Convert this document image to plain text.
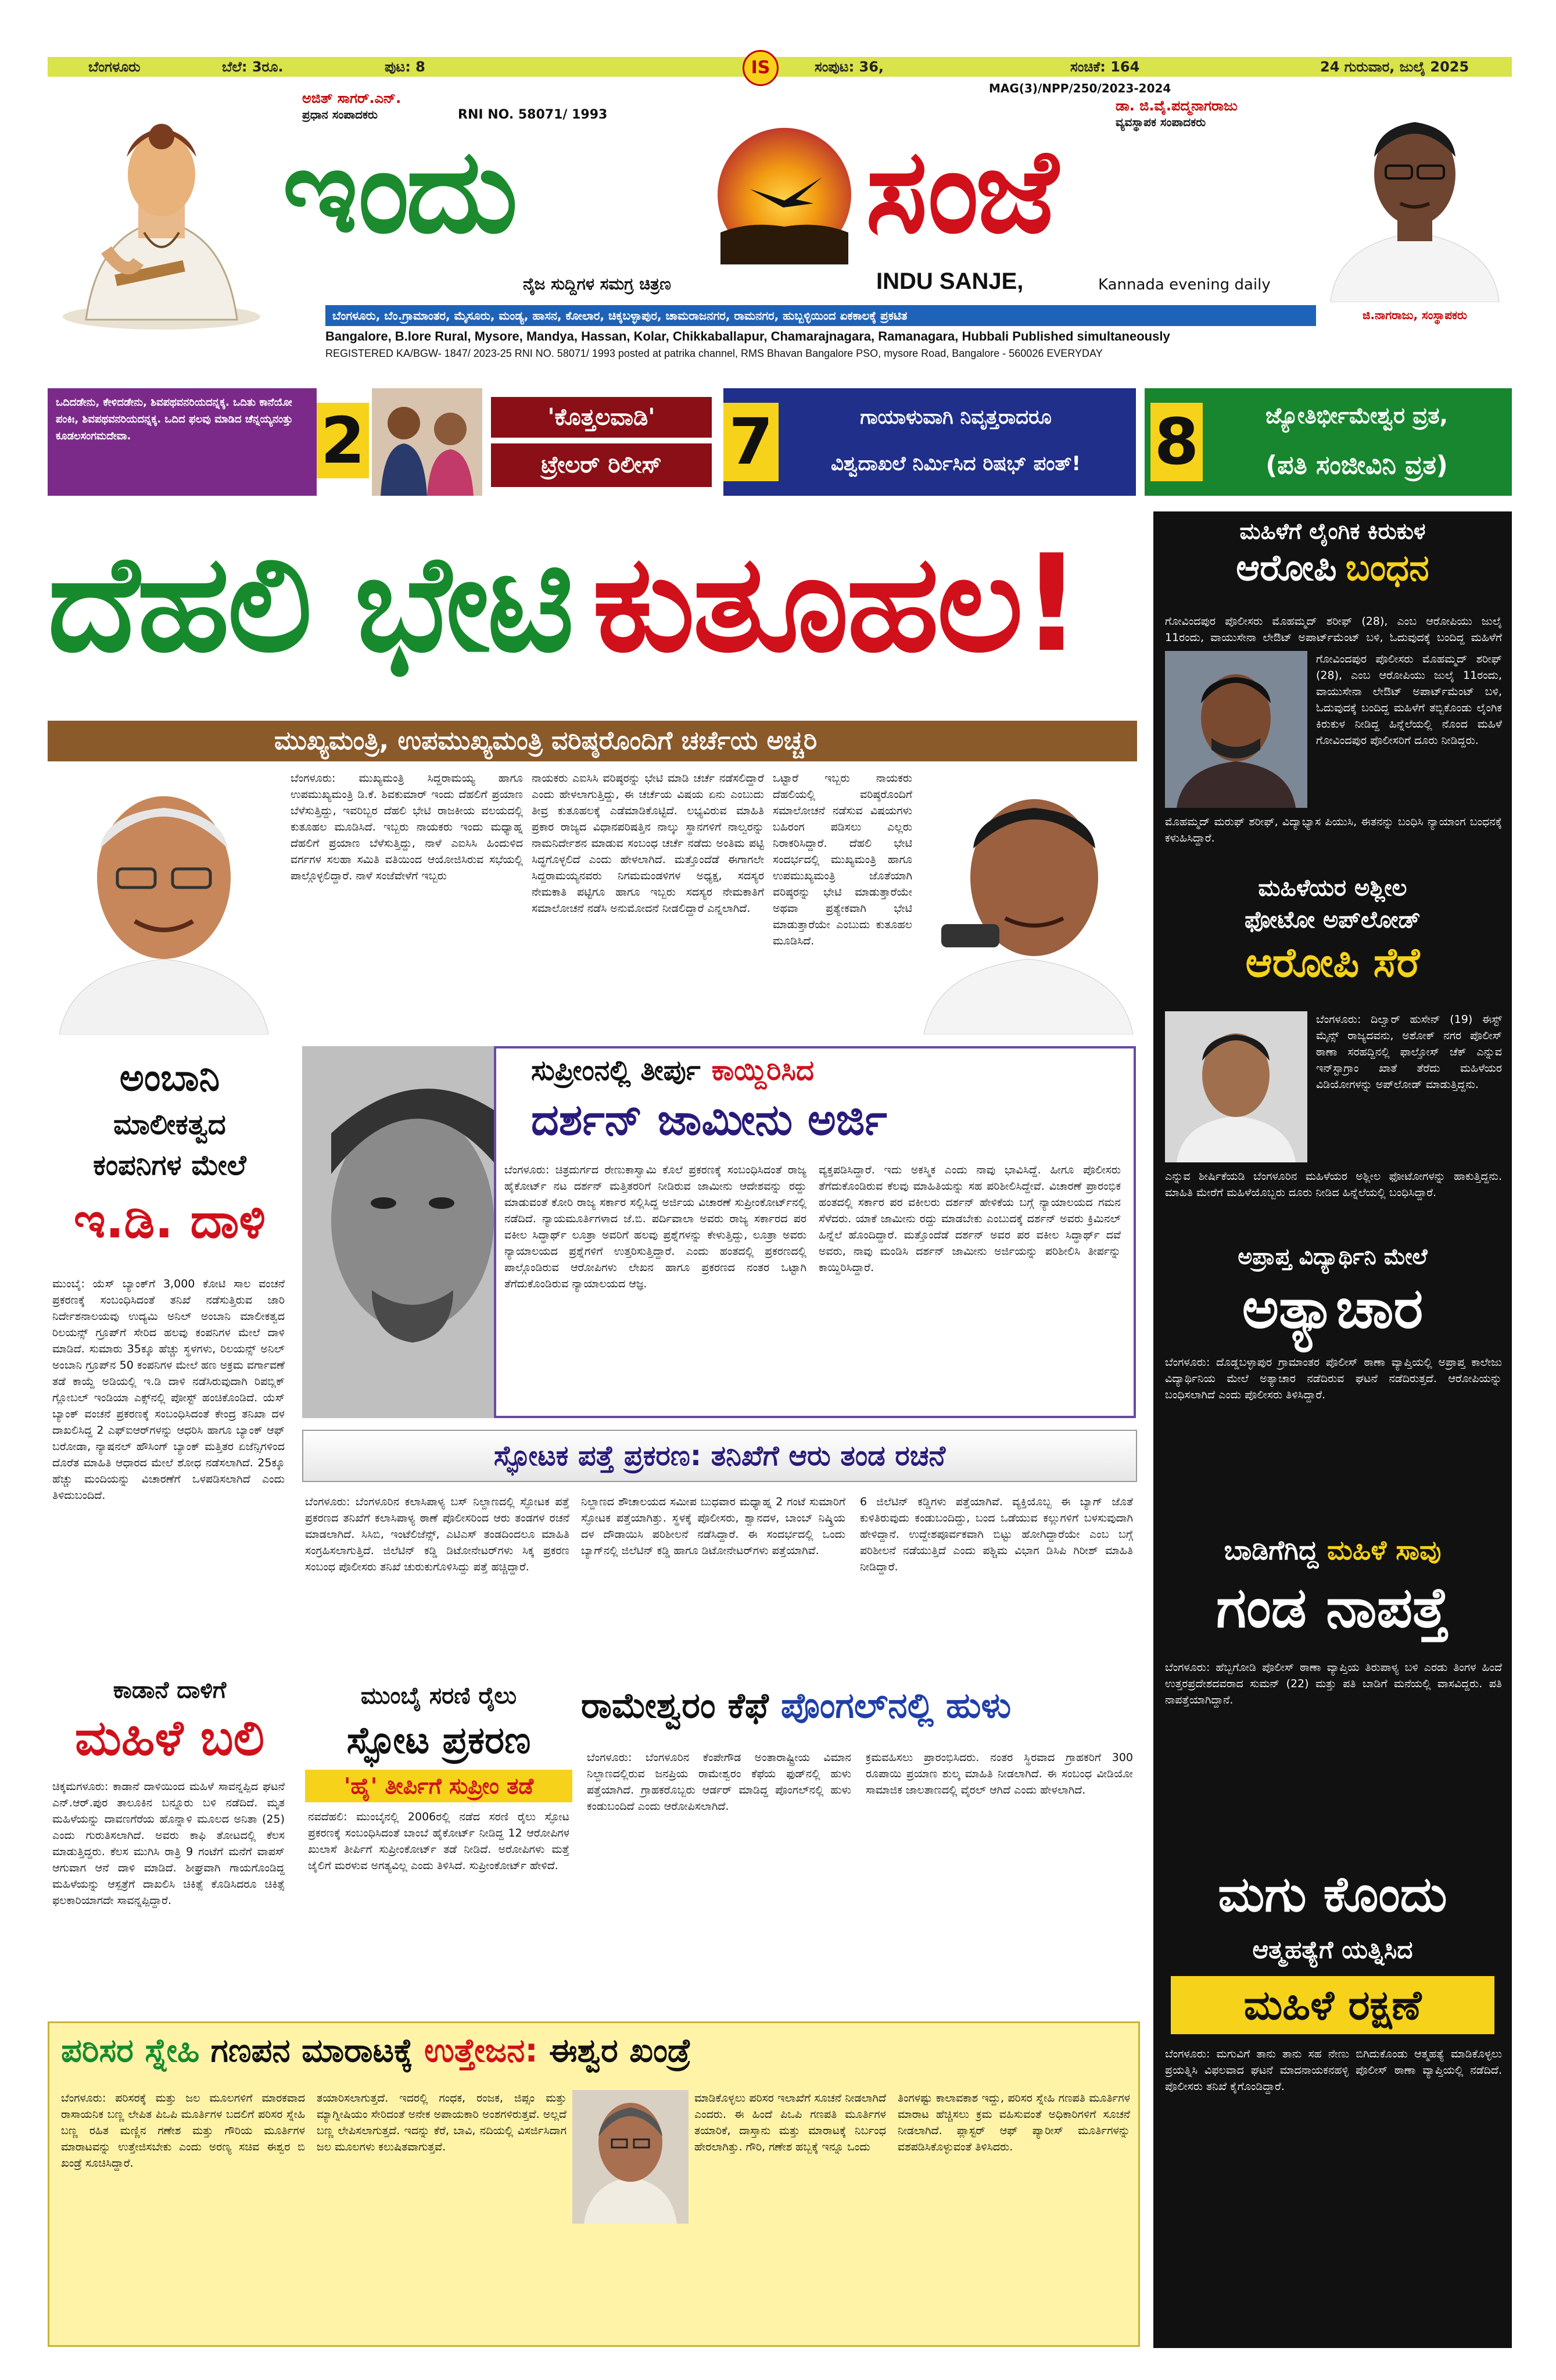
ಬೆಂಗಳೂರು	ಬೆಲೆ: 3ರೂ.	ಪುಟ: 8	ಸಂಪುಟ: 36,	ಸಂಚಿಕೆ: 164	24 ಗುರುವಾರ, ಜುಲೈ 2025
IS
MAG(3)/NPP/250/2023-2024
ಜಿ.ನಾಗರಾಜು, ಸಂಸ್ಥಾಪಕರು
ಅಜಿತ್ ಸಾಗರ್.ಎನ್.
ಪ್ರಧಾನ ಸಂಪಾದಕರು	RNI NO. 58071/ 1993
ಡಾ. ಜಿ.ವೈ.ಪದ್ಮನಾಗರಾಜು
ವ್ಯವಸ್ಥಾಪಕ ಸಂಪಾದಕರು
ಇಂದು	ಸಂಜೆ
ನೈಜ ಸುದ್ದಿಗಳ ಸಮಗ್ರ ಚಿತ್ರಣ	INDU SANJE,	Kannada evening daily
ಬೆಂಗಳೂರು, ಬೆಂ.ಗ್ರಾಮಾಂತರ, ಮೈಸೂರು, ಮಂಡ್ಯ, ಹಾಸನ, ಕೋಲಾರ, ಚಿಕ್ಕಬಳ್ಳಾಪುರ, ಚಾಮರಾಜನಗರ, ರಾಮನಗರ, ಹುಬ್ಬಳ್ಳಿಯಿಂದ ಏಕಕಾಲಕ್ಕೆ ಪ್ರಕಟಿತ
Bangalore, B.lore Rural, Mysore, Mandya, Hassan, Kolar, Chikkaballapur, Chamarajnagara, Ramanagara, Hubbali Published simultaneously
REGISTERED KA/BGW- 1847/ 2023-25 RNI NO. 58071/ 1993 posted at patrika channel, RMS Bhavan Bangalore PSO, mysore Road, Bangalore - 560026 EVERYDAY
ಒದಿದಡೇನು, ಕೇಳಿದಡೇನು, ಶಿವಪಥವನರಿಯದನ್ನಕ್ಕ. ಒದಿತು ಕಾನೆಯೋ ಪಂಕಿಃ, ಶಿವಪಥವನರಿಯದನ್ನಕ್ಕ. ಒದಿದ ಫಲವು ಮಾಡಿದ ಚೆನ್ನಯ್ಯನಂತ್ತು ಕೂಡಲಸಂಗಮದೇವಾ.	2	'ಕೊತ್ತಲವಾಡಿ'
ಟ್ರೇಲರ್ ರಿಲೀಸ್	7	ಗಾಯಾಳುವಾಗಿ ನಿವೃತ್ತರಾದರೂ
ವಿಶ್ವದಾಖಲೆ ನಿರ್ಮಿಸಿದ ರಿಷಭ್ ಪಂತ್!	8	ಜ್ಯೋತಿರ್ಭೀಮೇಶ್ವರ ವ್ರತ,
(ಪತಿ ಸಂಜೀವಿನಿ ವ್ರತ)
ದೆಹಲಿ ಭೇಟಿ ಕುತೂಹಲ!
ಮುಖ್ಯಮಂತ್ರಿ, ಉಪಮುಖ್ಯಮಂತ್ರಿ ವರಿಷ್ಠರೊಂದಿಗೆ ಚರ್ಚೆಯ ಅಚ್ಚರಿ

ಬೆಂಗಳೂರು: ಮುಖ್ಯಮಂತ್ರಿ ಸಿದ್ದರಾಮಯ್ಯ ಹಾಗೂ ಉಪಮುಖ್ಯಮಂತ್ರಿ ಡಿ.ಕೆ. ಶಿವಕುಮಾರ್ ಇಂದು ದೆಹಲಿಗೆ ಪ್ರಯಾಣ ಬೆಳೆಸುತ್ತಿದ್ದು, ಇವರಿಬ್ಬರ ದೆಹಲಿ ಭೇಟಿ ರಾಜಕೀಯ ವಲಯದಲ್ಲಿ ಕುತೂಹಲ ಮೂಡಿಸಿದೆ. ಇಬ್ಬರು ನಾಯಕರು ಇಂದು ಮಧ್ಯಾಹ್ನ ದೆಹಲಿಗೆ ಪ್ರಯಾಣ ಬೆಳೆಸುತ್ತಿದ್ದು, ನಾಳೆ ಎಐಸಿಸಿ ಹಿಂದುಳಿದ ವರ್ಗಗಳ ಸಲಹಾ ಸಮಿತಿ ವತಿಯಿಂದ ಆಯೋಜಿಸಿರುವ ಸಭೆಯಲ್ಲಿ ಪಾಲ್ಗೊಳ್ಳಲಿದ್ದಾರೆ. ನಾಳೆ ಸಂಜೆವೇಳೆಗೆ ಇಬ್ಬರು

ನಾಯಕರು ಎಐಸಿಸಿ ವರಿಷ್ಠರನ್ನು ಭೇಟಿ ಮಾಡಿ ಚರ್ಚೆ ನಡೆಸಲಿದ್ದಾರೆ ಎಂದು ಹೇಳಲಾಗುತ್ತಿದ್ದು, ಈ ಚರ್ಚೆಯ ವಿಷಯ ಏನು ಎಂಬುದು ತೀವ್ರ ಕುತೂಹಲಕ್ಕೆ ಎಡೆಮಾಡಿಕೊಟ್ಟಿದೆ. ಲಭ್ಯವಿರುವ ಮಾಹಿತಿ ಪ್ರಕಾರ ರಾಜ್ಯದ ವಿಧಾನಪರಿಷತ್ತಿನ ನಾಲ್ಕು ಸ್ಥಾನಗಳಿಗೆ ನಾಲ್ವರನ್ನು ನಾಮನಿರ್ದೇಶನ ಮಾಡುವ ಸಂಬಂಧ ಚರ್ಚೆ ನಡೆದು ಅಂತಿಮ ಪಟ್ಟಿ ಸಿದ್ಧಗೊಳ್ಳಲಿದೆ ಎಂದು ಹೇಳಲಾಗಿದೆ. ಮತ್ತೊಂದೆಡೆ ಈಗಾಗಲೇ ಸಿದ್ದರಾಮಯ್ಯನವರು ನಿಗಮಮಂಡಳಿಗಳ ಅಧ್ಯಕ್ಷ, ಸದಸ್ಯರ ನೇಮಕಾತಿ ಪಟ್ಟಿಗೂ ಹಾಗೂ ಇಬ್ಬರು ಸದಸ್ಯರ ನೇಮಕಾತಿಗೆ ಸಮಾಲೋಚನೆ ನಡೆಸಿ ಅನುಮೋದನೆ ನೀಡಲಿದ್ದಾರೆ ಎನ್ನಲಾಗಿದೆ.

ಒಟ್ಟಾರೆ ಇಬ್ಬರು ನಾಯಕರು ದೆಹಲಿಯಲ್ಲಿ ವರಿಷ್ಠರೊಂದಿಗೆ ಸಮಾಲೋಚನೆ ನಡೆಸುವ ವಿಷಯಗಳು ಬಹಿರಂಗ ಪಡಿಸಲು ಎಲ್ಲರು ನಿರಾಕರಿಸಿದ್ದಾರೆ. ದೆಹಲಿ ಭೇಟಿ ಸಂದರ್ಭದಲ್ಲಿ ಮುಖ್ಯಮಂತ್ರಿ ಹಾಗೂ ಉಪಮುಖ್ಯಮಂತ್ರಿ ಜೊತೆಯಾಗಿ ವರಿಷ್ಠರನ್ನು ಭೇಟಿ ಮಾಡುತ್ತಾರೆಯೇ ಅಥವಾ ಪ್ರತ್ಯೇಕವಾಗಿ ಭೇಟಿ ಮಾಡುತ್ತಾರೆಯೇ ಎಂಬುದು ಕುತೂಹಲ ಮೂಡಿಸಿದೆ.

ಅಂಬಾನಿ
ಮಾಲೀಕತ್ವದ
ಕಂಪನಿಗಳ ಮೇಲೆ
ಇ.ಡಿ. ದಾಳಿ

ಮುಂಬೈ: ಯೆಸ್ ಬ್ಯಾಂಕ್‌ಗೆ 3,000 ಕೋಟಿ ಸಾಲ ವಂಚನೆ ಪ್ರಕರಣಕ್ಕೆ ಸಂಬಂಧಿಸಿದಂತೆ ತನಿಖೆ ನಡೆಸುತ್ತಿರುವ ಜಾರಿ ನಿರ್ದೇಶನಾಲಯವು ಉದ್ಯಮಿ ಅನಿಲ್ ಅಂಬಾನಿ ಮಾಲೀಕತ್ವದ ರಿಲಯನ್ಸ್ ಗ್ರೂಪ್‌ಗೆ ಸೇರಿದ ಹಲವು ಕಂಪನಿಗಳ ಮೇಲೆ ದಾಳಿ ಮಾಡಿದೆ. ಸುಮಾರು 35ಕ್ಕೂ ಹೆಚ್ಚು ಸ್ಥಳಗಳು, ರಿಲಯನ್ಸ್ ಅನಿಲ್ ಅಂಬಾನಿ ಗ್ರೂಪ್‌ನ 50 ಕಂಪನಿಗಳ ಮೇಲೆ ಹಣ ಅಕ್ರಮ ವರ್ಗಾವಣೆ ತಡೆ ಕಾಯ್ದೆ ಅಡಿಯಲ್ಲಿ ಇ.ಡಿ ದಾಳಿ ನಡೆಸಿರುವುದಾಗಿ ರಿಪಬ್ಲಿಕ್ ಗ್ಲೋಬಲ್ ಇಂಡಿಯಾ ಎಕ್ಸ್‌ನಲ್ಲಿ ಪೋಸ್ಟ್ ಹಂಚಿಕೊಂಡಿದೆ. ಯೆಸ್ ಬ್ಯಾಂಕ್ ವಂಚನೆ ಪ್ರಕರಣಕ್ಕೆ ಸಂಬಂಧಿಸಿದಂತೆ ಕೇಂದ್ರ ತನಿಖಾ ದಳ ದಾಖಲಿಸಿದ್ದ 2 ಎಫ್‌ಐಆರ್‌ಗಳನ್ನು ಆಧರಿಸಿ ಹಾಗೂ ಬ್ಯಾಂಕ್ ಆಫ್ ಬರೋಡಾ, ನ್ಯಾಷನಲ್ ಹೌಸಿಂಗ್ ಬ್ಯಾಂಕ್ ಮತ್ತಿತರ ಏಜೆನ್ಸಿಗಳಿಂದ ದೊರೆತ ಮಾಹಿತಿ ಆಧಾರದ ಮೇಲೆ ಶೋಧ ನಡೆಸಲಾಗಿದೆ. 25ಕ್ಕೂ ಹೆಚ್ಚು ಮಂದಿಯನ್ನು ವಿಚಾರಣೆಗೆ ಒಳಪಡಿಸಲಾಗಿದೆ ಎಂದು ತಿಳಿದುಬಂದಿದೆ.

ಸುಪ್ರೀಂನಲ್ಲಿ ತೀರ್ಪು ಕಾಯ್ದಿರಿಸಿದ
ದರ್ಶನ್ ಜಾಮೀನು ಅರ್ಜಿ

ಬೆಂಗಳೂರು: ಚಿತ್ರದುರ್ಗದ ರೇಣುಕಾಸ್ವಾಮಿ ಕೊಲೆ ಪ್ರಕರಣಕ್ಕೆ ಸಂಬಂಧಿಸಿದಂತೆ ರಾಜ್ಯ ಹೈಕೋರ್ಟ್ ನಟ ದರ್ಶನ್ ಮತ್ತಿತರರಿಗೆ ನೀಡಿರುವ ಜಾಮೀನು ಆದೇಶವನ್ನು ರದ್ದು ಮಾಡುವಂತೆ ಕೋರಿ ರಾಜ್ಯ ಸರ್ಕಾರ ಸಲ್ಲಿಸಿದ್ದ ಅರ್ಜಿಯ ವಿಚಾರಣೆ ಸುಪ್ರೀಂಕೋರ್ಟ್‌ನಲ್ಲಿ ನಡೆದಿದೆ. ನ್ಯಾಯಮೂರ್ತಿಗಳಾದ ಜೆ.ಬಿ. ಪರ್ದಿವಾಲಾ ಅವರು ರಾಜ್ಯ ಸರ್ಕಾರದ ಪರ ವಕೀಲ ಸಿದ್ಧಾರ್ಥ್ ಲೂತ್ರಾ ಅವರಿಗೆ ಹಲವು ಪ್ರಶ್ನೆಗಳನ್ನು ಕೇಳುತ್ತಿದ್ದು, ಲೂತ್ರಾ ಅವರು ನ್ಯಾಯಾಲಯದ ಪ್ರಶ್ನೆಗಳಿಗೆ ಉತ್ತರಿಸುತ್ತಿದ್ದಾರೆ. ಎಂದು ಹಂತದಲ್ಲಿ ಪ್ರಕರಣದಲ್ಲಿ ಪಾಲ್ಗೊಂಡಿರುವ ಆರೋಪಿಗಳು ಲೇಖನ ಹಾಗೂ ಪ್ರಕರಣದ ನಂತರ ಒಟ್ಟಾಗಿ ತೆಗೆದುಕೊಂಡಿರುವ ನ್ಯಾಯಾಲಯದ ಆಜ್ಞ.

ವ್ಯಕ್ತಪಡಿಸಿದ್ದಾರೆ. ಇದು ಅಕಸ್ಮಿಕ ಎಂದು ನಾವು ಭಾವಿಸಿದ್ದೆ. ಹೀಗೂ ಪೊಲೀಸರು ತೆಗೆದುಕೊಂಡಿರುವ ಕೆಲವು ಮಾಹಿತಿಯನ್ನು ಸಹ ಪರಿಶೀಲಿಸಿದ್ದೇವೆ. ವಿಚಾರಣೆ ಪ್ರಾರಂಭಿಕ ಹಂತದಲ್ಲಿ ಸರ್ಕಾರ ಪರ ವಕೀಲರು ದರ್ಶನ್ ಹೇಳಿಕೆಯ ಬಗ್ಗೆ ನ್ಯಾಯಾಲಯದ ಗಮನ ಸೆಳೆದರು. ಯಾಕೆ ಜಾಮೀನು ರದ್ದು ಮಾಡಬೇಕು ಎಂಬುದಕ್ಕೆ ದರ್ಶನ್ ಅವರು ಕ್ರಿಮಿನಲ್ ಹಿನ್ನೆಲೆ ಹೊಂದಿದ್ದಾರೆ. ಮತ್ತೊಂದೆಡೆ ದರ್ಶನ್ ಅವರ ಪರ ವಕೀಲ ಸಿದ್ಧಾರ್ಥ್ ದವೆ ಅವರು, ನಾವು ಮಂಡಿಸಿ ದರ್ಶನ್ ಜಾಮೀನು ಅರ್ಜಿಯನ್ನು ಪರಿಶೀಲಿಸಿ ತೀರ್ಪನ್ನು ಕಾಯ್ದಿರಿಸಿದ್ದಾರೆ.

ಸ್ಫೋಟಕ ಪತ್ತೆ ಪ್ರಕರಣ: ತನಿಖೆಗೆ ಆರು ತಂಡ ರಚನೆ

ಬೆಂಗಳೂರು: ಬೆಂಗಳೂರಿನ ಕಲಾಸಿಪಾಳ್ಯ ಬಸ್ ನಿಲ್ದಾಣದಲ್ಲಿ ಸ್ಫೋಟಕ ಪತ್ತೆ ಪ್ರಕರಣದ ತನಿಖೆಗೆ ಕಲಾಸಿಪಾಳ್ಯ ಠಾಣೆ ಪೊಲೀಸರಿಂದ ಆರು ತಂಡಗಳ ರಚನೆ ಮಾಡಲಾಗಿದೆ. ಸಿಸಿಬಿ, ಇಂಟೆಲಿಜೆನ್ಸ್, ಎಟಿಎಸ್ ತಂಡದಿಂದಲೂ ಮಾಹಿತಿ ಸಂಗ್ರಹಿಸಲಾಗುತ್ತಿದೆ. ಜಿಲೆಟಿನ್ ಕಡ್ಡಿ ಡಿಟೋನೇಟರ್‌ಗಳು ಸಿಕ್ಕ ಪ್ರಕರಣ ಸಂಬಂಧ ಪೊಲೀಸರು ತನಿಖೆ ಚುರುಕುಗೊಳಿಸಿದ್ದು ಪತ್ತೆ ಹಚ್ಚಿದ್ದಾರೆ.

ನಿಲ್ದಾಣದ ಶೌಚಾಲಯದ ಸಮೀಪ ಬುಧವಾರ ಮಧ್ಯಾಹ್ನ 2 ಗಂಟೆ ಸುಮಾರಿಗೆ ಸ್ಫೋಟಕ ಪತ್ತೆಯಾಗಿತ್ತು. ಸ್ಥಳಕ್ಕೆ ಪೊಲೀಸರು, ಶ್ವಾನದಳ, ಬಾಂಬ್ ನಿಷ್ಕ್ರಿಯ ದಳ ದೌಡಾಯಿಸಿ ಪರಿಶೀಲನೆ ನಡೆಸಿದ್ದಾರೆ. ಈ ಸಂದರ್ಭದಲ್ಲಿ ಒಂದು ಬ್ಯಾಗ್‌ನಲ್ಲಿ ಜಿಲೆಟಿನ್ ಕಡ್ಡಿ ಹಾಗೂ ಡಿಟೋನೇಟರ್‌ಗಳು ಪತ್ತೆಯಾಗಿವೆ.

6 ಜಿಲೆಟಿನ್ ಕಡ್ಡಿಗಳು ಪತ್ತೆಯಾಗಿವೆ. ವ್ಯಕ್ತಿಯೊಬ್ಬ ಈ ಬ್ಯಾಗ್ ಜೊತೆ ಕುಳಿತಿರುವುದು ಕಂಡುಬಂದಿದ್ದು, ಬಂದ ಒಡೆಯುವ ಕಲ್ಲುಗಳಿಗೆ ಬಳಸುವುದಾಗಿ ಹೇಳಿದ್ದಾನೆ. ಉದ್ದೇಶಪೂರ್ವಕವಾಗಿ ಬಿಟ್ಟು ಹೋಗಿದ್ದಾರೆಯೇ ಎಂಬ ಬಗ್ಗೆ ಪರಿಶೀಲನೆ ನಡೆಯುತ್ತಿದೆ ಎಂದು ಪಶ್ಚಿಮ ವಿಭಾಗ ಡಿಸಿಪಿ ಗಿರೀಶ್ ಮಾಹಿತಿ ನೀಡಿದ್ದಾರೆ.

ಕಾಡಾನೆ ದಾಳಿಗೆ
ಮಹಿಳೆ ಬಲಿ

ಚಿಕ್ಕಮಗಳೂರು: ಕಾಡಾನೆ ದಾಳಿಯಿಂದ ಮಹಿಳೆ ಸಾವನ್ನಪ್ಪಿದ ಘಟನೆ ಎನ್.ಆರ್.ಪುರ ತಾಲೂಕಿನ ಬನ್ನೂರು ಬಳಿ ನಡೆದಿದೆ. ಮೃತ ಮಹಿಳೆಯನ್ನು ದಾವಣಗೆರೆಯ ಹೊನ್ನಾಳಿ ಮೂಲದ ಅನಿತಾ (25) ಎಂದು ಗುರುತಿಸಲಾಗಿದೆ. ಅವರು ಕಾಫಿ ತೋಟದಲ್ಲಿ ಕೆಲಸ ಮಾಡುತ್ತಿದ್ದರು. ಕೆಲಸ ಮುಗಿಸಿ ರಾತ್ರಿ 9 ಗಂಟೆಗೆ ಮನೆಗೆ ವಾಪಸ್ ಆಗುವಾಗ ಆನೆ ದಾಳಿ ಮಾಡಿದೆ. ಶೀಘ್ರವಾಗಿ ಗಾಯಗೊಂಡಿದ್ದ ಮಹಿಳೆಯನ್ನು ಆಸ್ಪತ್ರೆಗೆ ದಾಖಲಿಸಿ ಚಿಕಿತ್ಸೆ ಕೊಡಿಸಿದರೂ ಚಿಕಿತ್ಸೆ ಫಲಕಾರಿಯಾಗದೇ ಸಾವನ್ನಪ್ಪಿದ್ದಾರೆ.

ಮುಂಬೈ ಸರಣಿ ರೈಲು
ಸ್ಫೋಟ ಪ್ರಕರಣ
'ಹೈ' ತೀರ್ಪಿಗೆ ಸುಪ್ರೀಂ ತಡೆ

ನವದೆಹಲಿ: ಮುಂಬೈನಲ್ಲಿ 2006ರಲ್ಲಿ ನಡೆದ ಸರಣಿ ರೈಲು ಸ್ಫೋಟ ಪ್ರಕರಣಕ್ಕೆ ಸಂಬಂಧಿಸಿದಂತೆ ಬಾಂಬೆ ಹೈಕೋರ್ಟ್ ನೀಡಿದ್ದ 12 ಆರೋಪಿಗಳ ಖುಲಾಸೆ ತೀರ್ಪಿಗೆ ಸುಪ್ರೀಂಕೋರ್ಟ್ ತಡೆ ನೀಡಿದೆ. ಅರೋಪಿಗಳು ಮತ್ತೆ ಜೈಲಿಗೆ ಮರಳುವ ಅಗತ್ಯವಿಲ್ಲ ಎಂದು ತಿಳಿಸಿದೆ. ಸುಪ್ರೀಂಕೋರ್ಟ್ ಹೇಳಿದೆ.

ರಾಮೇಶ್ವರಂ ಕೆಫೆ ಪೊಂಗಲ್‌ನಲ್ಲಿ ಹುಳು

ಬೆಂಗಳೂರು: ಬೆಂಗಳೂರಿನ ಕೆಂಪೇಗೌಡ ಅಂತಾರಾಷ್ಟ್ರೀಯ ವಿಮಾನ ನಿಲ್ದಾಣದಲ್ಲಿರುವ ಜನಪ್ರಿಯ ರಾಮೇಶ್ವರಂ ಕೆಫೆಯ ಫುಡ್‌ನಲ್ಲಿ ಹುಳು ಪತ್ತೆಯಾಗಿದೆ. ಗ್ರಾಹಕರೊಬ್ಬರು ಆರ್ಡರ್ ಮಾಡಿದ್ದ ಪೊಂಗಲ್‌ನಲ್ಲಿ ಹುಳು ಕಂಡುಬಂದಿದೆ ಎಂದು ಆರೋಪಿಸಲಾಗಿದೆ.

ಕ್ರಮವಹಿಸಲು ಪ್ರಾರಂಭಿಸಿದರು. ನಂತರ ಸ್ಥಿರವಾದ ಗ್ರಾಹಕರಿಗೆ 300 ರೂಪಾಯಿ ಪ್ರಯಾಣ ಶುಲ್ಕ ಮಾಹಿತಿ ನೀಡಲಾಗಿದೆ. ಈ ಸಂಬಂಧ ವೀಡಿಯೋ ಸಾಮಾಜಿಕ ಜಾಲತಾಣದಲ್ಲಿ ವೈರಲ್ ಆಗಿದೆ ಎಂದು ಹೇಳಲಾಗಿದೆ.

ಪರಿಸರ ಸ್ನೇಹಿ ಗಣಪನ ಮಾರಾಟಕ್ಕೆ ಉತ್ತೇಜನ: ಈಶ್ವರ ಖಂಡ್ರೆ

ಬೆಂಗಳೂರು: ಪರಿಸರಕ್ಕೆ ಮತ್ತು ಜಲ ಮೂಲಗಳಿಗೆ ಮಾರಕವಾದ ರಾಸಾಯನಿಕ ಬಣ್ಣ ಲೇಪಿತ ಪಿಒಪಿ ಮೂರ್ತಿಗಳ ಬದಲಿಗೆ ಪರಿಸರ ಸ್ನೇಹಿ ಬಣ್ಣ ರಹಿತ ಮಣ್ಣಿನ ಗಣೇಶ ಮತ್ತು ಗೌರಿಯ ಮೂರ್ತಿಗಳ ಮಾರಾಟವನ್ನು ಉತ್ತೇಜಿಸಬೇಕು ಎಂದು ಅರಣ್ಯ ಸಚಿವ ಈಶ್ವರ ಬಿ ಖಂಡ್ರೆ ಸೂಚಿಸಿದ್ದಾರೆ.

ತಯಾರಿಸಲಾಗುತ್ತದೆ. ಇದರಲ್ಲಿ ಗಂಧಕ, ರಂಜಕ, ಜಿಪ್ಸಂ ಮತ್ತು ಮ್ಯಾಗ್ನೀಷಿಯಂ ಸೇರಿದಂತೆ ಅನೇಕ ಅಪಾಯಕಾರಿ ಅಂಶಗಳಿರುತ್ತವೆ. ಅಲ್ಲದೆ ಬಣ್ಣ ಲೇಪಿಸಲಾಗುತ್ತದೆ. ಇದನ್ನು ಕೆರೆ, ಬಾವಿ, ನದಿಯಲ್ಲಿ ವಿಸರ್ಜಿಸಿದಾಗ ಜಲ ಮೂಲಗಳು ಕಲುಷಿತವಾಗುತ್ತವೆ.

ಮಾಡಿಕೊಳ್ಳಲು ಪರಿಸರ ಇಲಾಖೆಗೆ ಸೂಚನೆ ನೀಡಲಾಗಿದೆ ಎಂದರು. ಈ ಹಿಂದೆ ಪಿಒಪಿ ಗಣಪತಿ ಮೂರ್ತಿಗಳ ತಯಾರಿಕೆ, ದಾಸ್ತಾನು ಮತ್ತು ಮಾರಾಟಕ್ಕೆ ನಿರ್ಬಂಧ ಹೇರಲಾಗಿತ್ತು. ಗೌರಿ, ಗಣೇಶ ಹಬ್ಬಕ್ಕೆ ಇನ್ನೂ ಒಂದು

ತಿಂಗಳಷ್ಟು ಕಾಲಾವಕಾಶ ಇದ್ದು, ಪರಿಸರ ಸ್ನೇಹಿ ಗಣಪತಿ ಮೂರ್ತಿಗಳ ಮಾರಾಟ ಹೆಚ್ಚಿಸಲು ಕ್ರಮ ವಹಿಸುವಂತೆ ಅಧಿಕಾರಿಗಳಿಗೆ ಸೂಚನೆ ನೀಡಲಾಗಿದೆ. ಪ್ಲಾಸ್ಟರ್ ಆಫ್ ಪ್ಯಾರೀಸ್ ಮೂರ್ತಿಗಳನ್ನು ವಶಪಡಿಸಿಕೊಳ್ಳುವಂತೆ ತಿಳಿಸಿದರು.

ಮಹಿಳೆಗೆ ಲೈಂಗಿಕ ಕಿರುಕುಳ
ಆರೋಪಿ ಬಂಧನ

ಗೋವಿಂದಪುರ ಪೊಲೀಸರು ಮೊಹಮ್ಮದ್ ಶರೀಫ್ (28), ಎಂಬ ಆರೋಪಿಯು ಜುಲೈ 11ರಂದು, ವಾಯುಸೇನಾ ಲೇಔಟ್ ಅಪಾರ್ಟ್‌ಮೆಂಟ್ ಬಳಿ, ಓದುವುದಕ್ಕೆ ಬಂದಿದ್ದ ಮಹಿಳೆಗೆ

ಗೋವಿಂದಪುರ ಪೊಲೀಸರು ಮೊಹಮ್ಮದ್ ಶರೀಫ್ (28), ಎಂಬ ಆರೋಪಿಯು ಜುಲೈ 11ರಂದು, ವಾಯುಸೇನಾ ಲೇಔಟ್ ಅಪಾರ್ಟ್‌ಮೆಂಟ್ ಬಳಿ, ಓದುವುದಕ್ಕೆ ಬಂದಿದ್ದ ಮಹಿಳೆಗೆ ತಬ್ಬಿಕೊಂಡು ಲೈಂಗಿಕ ಕಿರುಕುಳ ನೀಡಿದ್ದ ಹಿನ್ನೆಲೆಯಲ್ಲಿ ನೊಂದ ಮಹಿಳೆ ಗೋವಿಂದಪುರ ಪೊಲೀಸರಿಗೆ ದೂರು ನೀಡಿದ್ದರು.

ಮೊಹಮ್ಮದ್ ಮರುಫ್ ಶರೀಫ್, ವಿದ್ಯಾಭ್ಯಾಸ ಪಿಯುಸಿ, ಈತನನ್ನು ಬಂಧಿಸಿ ನ್ಯಾಯಾಂಗ ಬಂಧನಕ್ಕೆ ಕಳುಹಿಸಿದ್ದಾರೆ.

ಮಹಿಳೆಯರ ಅಶ್ಲೀಲ
ಫೋಟೋ ಅಪ್‌ಲೋಡ್
ಆರೋಪಿ ಸೆರೆ

ಬೆಂಗಳೂರು: ದಿಲ್ವಾರ್ ಹುಸೇನ್ (19) ಈಸ್ಟ್ ಮೈನ್ಸ್‌ ರಾಜ್ಯದವನು, ಅಶೋಕ್ ನಗರ ಪೊಲೀಸ್ ಠಾಣಾ ಸರಹದ್ದಿನಲ್ಲಿ ಫಾಲ್ತೋಸ್ ಚೆಕ್ ಎನ್ನುವ ಇನ್‌ಸ್ಟಾಗ್ರಾಂ ಖಾತೆ ತೆರೆದು ಮಹಿಳೆಯರ ವಿಡಿಯೋಗಳನ್ನು ಅಪ್‌ಲೋಡ್ ಮಾಡುತ್ತಿದ್ದನು.

ಎನ್ನುವ ಶೀರ್ಷಿಕೆಯಡಿ ಬೆಂಗಳೂರಿನ ಮಹಿಳೆಯರ ಅಶ್ಲೀಲ ಫೋಟೋಗಳನ್ನು ಹಾಕುತ್ತಿದ್ದನು. ಮಾಹಿತಿ ಮೇರೆಗೆ ಮಹಿಳೆಯೊಬ್ಬರು ದೂರು ನೀಡಿದ ಹಿನ್ನೆಲೆಯಲ್ಲಿ ಬಂಧಿಸಿದ್ದಾರೆ.

ಅಪ್ರಾಪ್ತ ವಿದ್ಯಾರ್ಥಿನಿ ಮೇಲೆ
ಅತ್ಯಾಚಾರ

ಬೆಂಗಳೂರು: ದೊಡ್ಡಬಳ್ಳಾಪುರ ಗ್ರಾಮಾಂತರ ಪೊಲೀಸ್ ಠಾಣಾ ವ್ಯಾಪ್ತಿಯಲ್ಲಿ ಅಪ್ರಾಪ್ತ ಕಾಲೇಜು ವಿದ್ಯಾರ್ಥಿನಿಯ ಮೇಲೆ ಅತ್ಯಾಚಾರ ನಡೆದಿರುವ ಘಟನೆ ನಡೆದಿರುತ್ತದೆ. ಆರೋಪಿಯನ್ನು ಬಂಧಿಸಲಾಗಿದೆ ಎಂದು ಪೊಲೀಸರು ತಿಳಿಸಿದ್ದಾರೆ.

ಬಾಡಿಗೆಗಿದ್ದ ಮಹಿಳೆ ಸಾವು
ಗಂಡ ನಾಪತ್ತೆ

ಬೆಂಗಳೂರು: ಹೆಬ್ಬಗೋಡಿ ಪೊಲೀಸ್ ಠಾಣಾ ವ್ಯಾಪ್ತಿಯ ತಿರುಪಾಳ್ಯ ಬಳಿ ಎರಡು ತಿಂಗಳ ಹಿಂದೆ ಉತ್ತರಪ್ರದೇಶದವರಾದ ಸುಮನ್ (22) ಮತ್ತು ಪತಿ ಬಾಡಿಗೆ ಮನೆಯಲ್ಲಿ ವಾಸವಿದ್ದರು. ಪತಿ ನಾಪತ್ತೆಯಾಗಿದ್ದಾನೆ.

ಮಗು ಕೊಂದು
ಆತ್ಮಹತ್ಯೆಗೆ ಯತ್ನಿಸಿದ
ಮಹಿಳೆ ರಕ್ಷಣೆ

ಬೆಂಗಳೂರು: ಮಗುವಿಗೆ ತಾನು ತಾನು ಸಹ ನೇಣು ಬಿಗಿದುಕೊಂಡು ಆತ್ಮಹತ್ಯೆ ಮಾಡಿಕೊಳ್ಳಲು ಪ್ರಯತ್ನಿಸಿ ವಿಫಲವಾದ ಘಟನೆ ಮಾದನಾಯಕನಹಳ್ಳಿ ಪೊಲೀಸ್ ಠಾಣಾ ವ್ಯಾಪ್ತಿಯಲ್ಲಿ ನಡೆದಿದೆ. ಪೊಲೀಸರು ತನಿಖೆ ಕೈಗೊಂಡಿದ್ದಾರೆ.
